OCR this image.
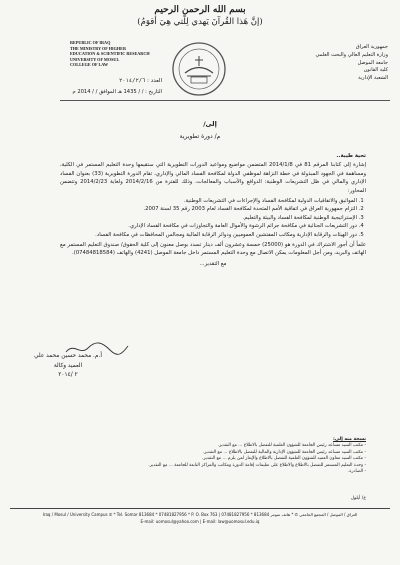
بسم الله الرحمن الرحيم
(إنَّ هَذا القُرآنَ يَهدي لِلَّتي هِيَ أقوَمُ)
REPUBLIC OF IRAQ
THE MINISTRY OF HIGHER
EDUCATION & SCIENTIFIC RESEARCH
UNIVERSITY OF MOSUL
COLLEGE OF LAW
جمهورية العراق
وزارة التعليم العالي والبحث العلمي
جامعة الموصل
كلية القانون
الشعبة الإدارية
العدد : ٢٠١٤/٢/٦
التاريخ : / / 1435 هـ الموافق / / 2014 م
إلى/
م/ دورة تطويرية
تحية طيبة..

إشارة إلى كتابنا المرقم 81 في 2014/1/8 المتضمن مواضيع ومواعيد الدورات التطويرية التي ستقيمها وحدة التعليم المستمر في الكلية، ومساهمة في الجهود المبذولة في خطة النزاهة لموظفي الدولة لمكافحة الفساد المالي والإداري، تقام الدورة التطويرية (33) بعنوان الفساد الإداري والمالي في ظل التشريعات الوطنية: الدوافع والأسباب والمعالجات، وذلك للفترة من 2014/2/16 ولغاية 2014/2/23 وتتضمن المحاور:

1. المواثيق والاتفاقيات الدولية لمكافحة الفساد والإجراءات في التشريعات الوطنية.
2. التزام جمهورية العراق في اتفاقية الأمم المتحدة لمكافحة الفساد لعام 2003 رقم 35 لسنة 2007.
3. الإستراتيجية الوطنية لمكافحة الفساد والبيئة والتعليم.
4. دور التشريعات الجنائية في مكافحة جرائم الرشوة والأموال العامة والتجاوزات في مكافحة الفساد الإداري.
5. دور الهيئات والرقابة الإدارية ومكاتب المفتشين العموميين ودوائر الرقابة المالية ومجالس المحافظات في مكافحة الفساد.

علماً أن أجور الاشتراك في الدورة هو (25000) خمسة وعشرون ألف دينار تسدد بوصل معنون إلى كلية الحقوق/ صندوق التعليم المستمر مع الهاتف والبريد، ومن أجل المعلومات يمكن الاتصال مع وحدة التعليم المستمر داخل جامعة الموصل (4241) والهاتف (07484818584).

مع التقدير...
أ.م. محمد حسين محمد علي
العميد وكالة
٢ /٢٠١٤
نسخة منه إلى:
- مكتب السيد مساعد رئيس الجامعة للشؤون العلمية للتفضل بالاطلاع ... مع التقدير.
- مكتب السيد مساعد رئيس الجامعة للشؤون الإدارية والمالية للتفضل بالاطلاع ... مع التقدير.
- مكتب السيد معاون العميد للشؤون العلمية للتفضل بالاطلاع والإيعاز لمن يلزم ... مع التقدير.
- وحدة التعليم المستمر للتفضل بالاطلاع والاطلاع على تعليمات إقامة الدورة ومكاتب والمراكز التابعة للجامعة ... مع التقدير.
- الصادرة.
ع/ أيلول
Iraq / Mosul / University Campus ✆ * Tel. Somar 813684 * 07481827956 * P. O. Box 763 | العراق / الموصل / المجمع الجامعي ✆ * هاتف سومر 813684 * 07481827956
E-mail: uomosul@yahoo.com | E-mail: law@uomosul.edu.iq
